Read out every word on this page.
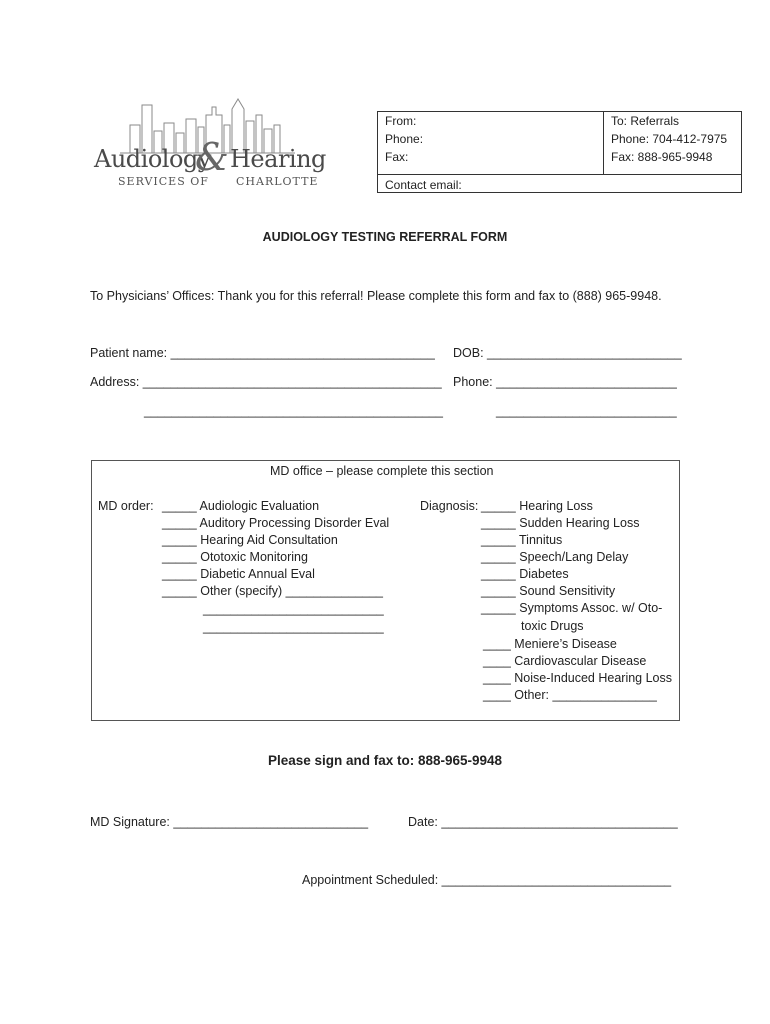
Audiology
& Hearing
SERVICES OF CHARLOTTE
From:
Phone:
Fax:
Contact email:
To: Referrals
Phone: 704-412-7975
Fax: 888-965-9948
AUDIOLOGY TESTING REFERRAL FORM
To Physicians’ Offices: Thank you for this referral! Please complete this form and fax to (888) 965-9948.
Patient name: ______________________________________ DOB: ____________________________
Address: ___________________________________________ Phone: __________________________
___________________________________________	__________________________
MD office – please complete this section
MD order: _____ Audiologic Evaluation
_____ Auditory Processing Disorder Eval
_____ Hearing Aid Consultation
_____ Ototoxic Monitoring
_____ Diabetic Annual Eval
_____ Other (specify) ______________
__________________________
__________________________
Diagnosis: _____ Hearing Loss
_____ Sudden Hearing Loss
_____ Tinnitus
_____ Speech/Lang Delay
_____ Diabetes
_____ Sound Sensitivity
_____ Symptoms Assoc. w/ Oto-
toxic Drugs
____ Meniere’s Disease
____ Cardiovascular Disease
____ Noise-Induced Hearing Loss
____ Other: _______________
Please sign and fax to: 888-965-9948
MD Signature: ____________________________	Date: __________________________________
Appointment Scheduled: _________________________________
